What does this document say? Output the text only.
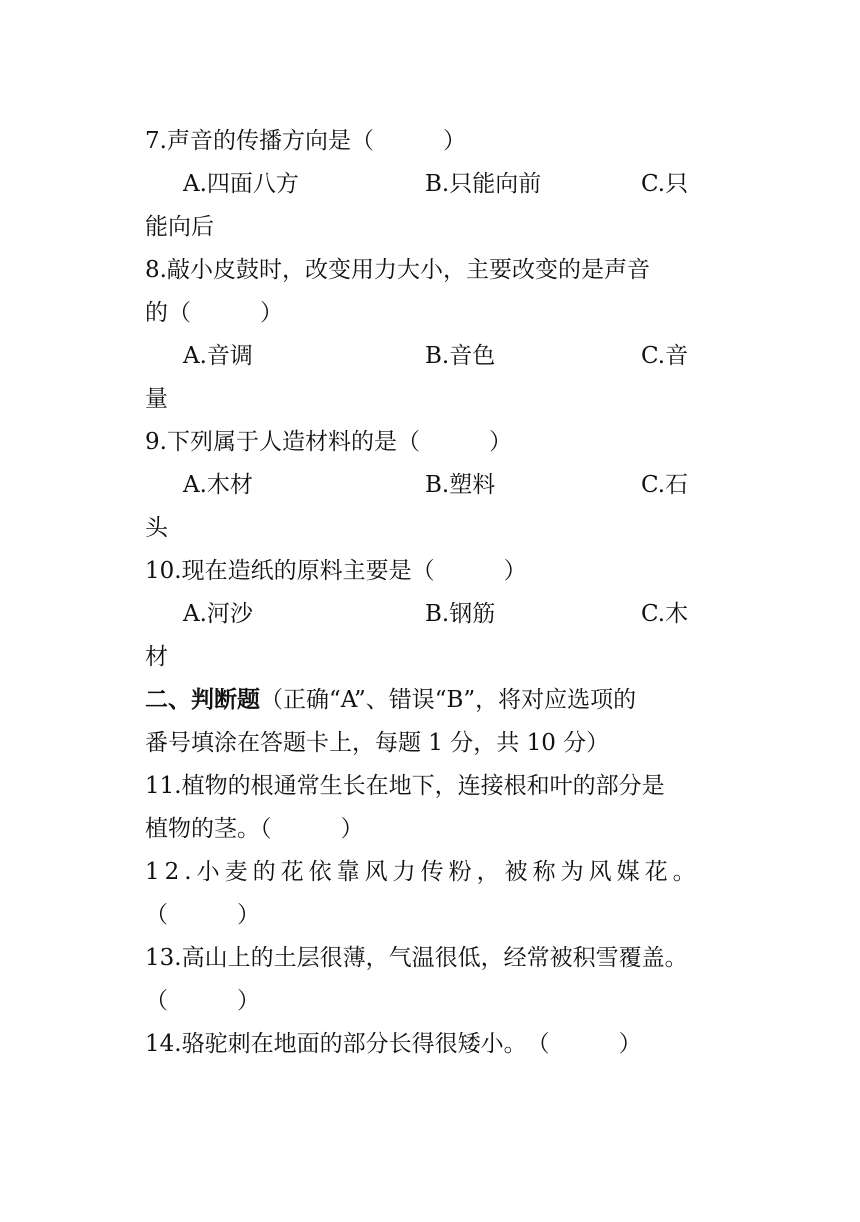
7.声音的传播方向是（　　　）
A.四面八方	B.只能向前	C.只
能向后
8.敲小皮鼓时，改变用力大小，主要改变的是声音
的（　　　）
A.音调	B.音色	C.音
量
9.下列属于人造材料的是（　　　）
A.木材	B.塑料	C.石
头
10.现在造纸的原料主要是（　　　）
A.河沙	B.钢筋	C.木
材
二、判断题（正确“A”、错误“B”，将对应选项的
番号填涂在答题卡上，每题 1 分，共 10 分）
11.植物的根通常生长在地下，连接根和叶的部分是
植物的茎。（　　　）
12.小麦的花依靠风力传粉，被称为风媒花。
（　　　）
13.高山上的土层很薄，气温很低，经常被积雪覆盖。
（　　　）
14.骆驼刺在地面的部分长得很矮小。　（　　　）
